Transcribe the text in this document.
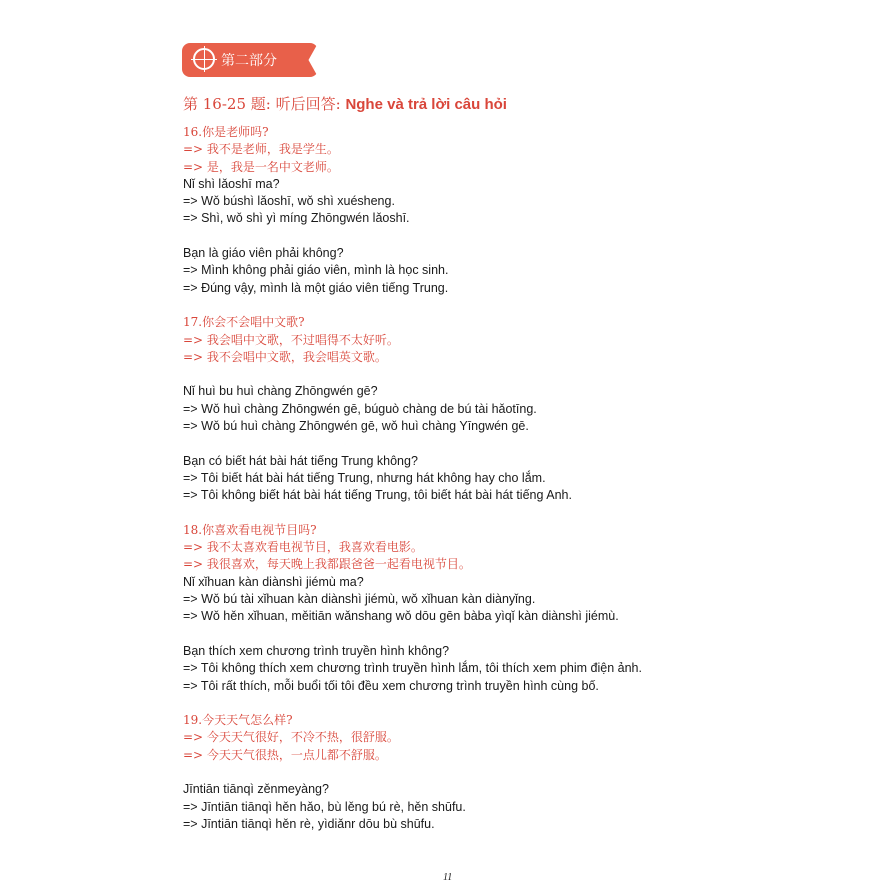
第二部分
第 16-25 题: 听后回答: Nghe và trả lời câu hỏi
16.你是老师吗?
=> 我不是老师，我是学生。
=> 是，我是一名中文老师。
Nǐ shì lǎoshī ma?
=> Wǒ búshì lǎoshī, wǒ shì xuésheng.
=> Shì, wǒ shì yì míng Zhōngwén lǎoshī.
Bạn là giáo viên phải không?
=> Mình không phải giáo viên, mình là học sinh.
=> Đúng vậy, mình là một giáo viên tiếng Trung.
17.你会不会唱中文歌?
=> 我会唱中文歌，不过唱得不太好听。
=> 我不会唱中文歌，我会唱英文歌。
Nǐ huì bu huì chàng Zhōngwén gē?
=> Wǒ huì chàng Zhōngwén gē, búguò chàng de bú tài hǎotīng.
=> Wǒ bú huì chàng Zhōngwén gē, wǒ huì chàng Yīngwén gē.
Bạn có biết hát bài hát tiếng Trung không?
=> Tôi biết hát bài hát tiếng Trung, nhưng hát không hay cho lắm.
=> Tôi không biết hát bài hát tiếng Trung, tôi biết hát bài hát tiếng Anh.
18.你喜欢看电视节目吗?
=> 我不太喜欢看电视节目，我喜欢看电影。
=> 我很喜欢，每天晚上我都跟爸爸一起看电视节目。
Nǐ xǐhuan kàn diànshì jiémù ma?
=> Wǒ bú tài xǐhuan kàn diànshì jiémù, wǒ xǐhuan kàn diànyǐng.
=> Wǒ hěn xǐhuan, měitiān wǎnshang wǒ dōu gēn bàba yìqǐ kàn diànshì jiémù.
Bạn thích xem chương trình truyền hình không?
=> Tôi không thích xem chương trình truyền hình lắm, tôi thích xem phim điện ảnh.
=> Tôi rất thích, mỗi buổi tối tôi đều xem chương trình truyền hình cùng bố.
19.今天天气怎么样?
=> 今天天气很好，不冷不热，很舒服。
=> 今天天气很热，一点儿都不舒服。
Jīntiān tiānqì zěnmeyàng?
=> Jīntiān tiānqì hěn hǎo, bù lěng bú rè, hěn shūfu.
=> Jīntiān tiānqì hěn rè, yìdiǎnr dōu bù shūfu.
11
